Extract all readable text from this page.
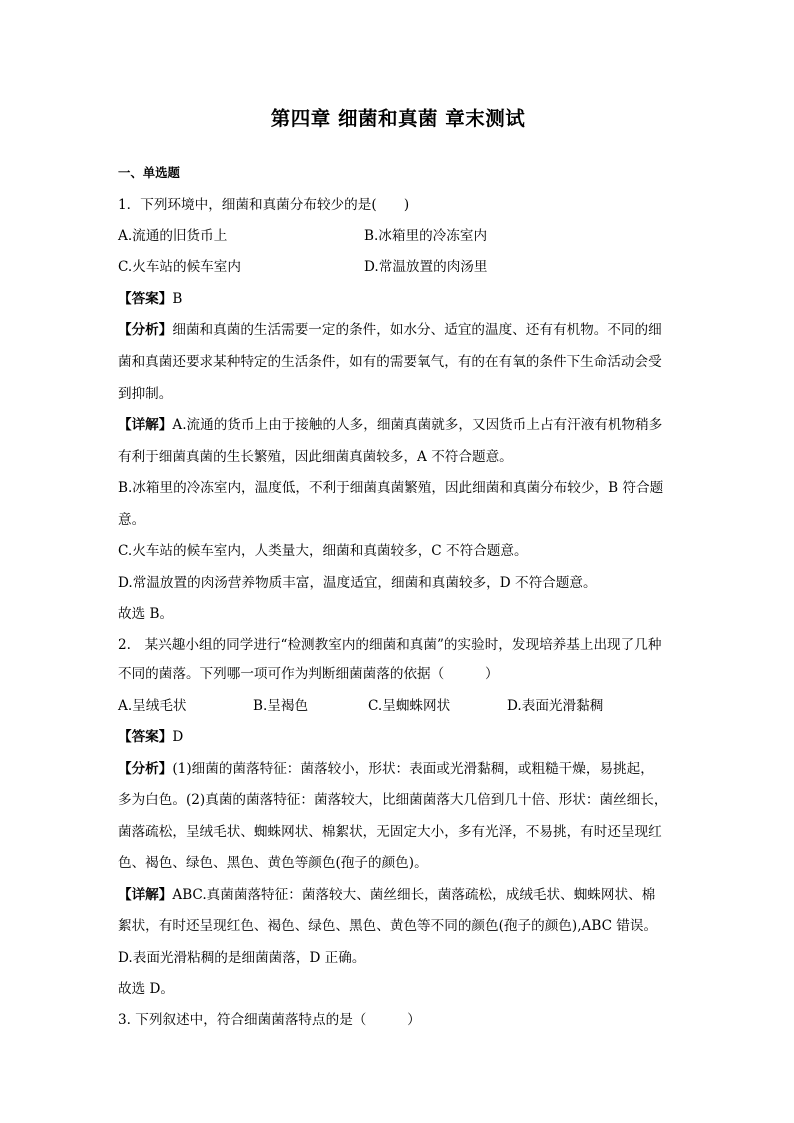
第四章 细菌和真菌 章末测试
一、单选题
1．下列环境中，细菌和真菌分布较少的是(　　)
A.流通的旧货币上	B.冰箱里的冷冻室内
C.火车站的候车室内	D.常温放置的肉汤里
【答案】B
【分析】细菌和真菌的生活需要一定的条件，如水分、适宜的温度、还有有机物。不同的细
菌和真菌还要求某种特定的生活条件，如有的需要氧气，有的在有氧的条件下生命活动会受
到抑制。
【详解】A.流通的货币上由于接触的人多，细菌真菌就多，又因货币上占有汗液有机物稍多
有利于细菌真菌的生长繁殖，因此细菌真菌较多，A 不符合题意。
B.冰箱里的冷冻室内，温度低，不利于细菌真菌繁殖，因此细菌和真菌分布较少，B 符合题
意。
C.火车站的候车室内，人类量大，细菌和真菌较多，C 不符合题意。
D.常温放置的肉汤营养物质丰富，温度适宜，细菌和真菌较多，D 不符合题意。
故选 B。
2.　某兴趣小组的同学进行“检测教室内的细菌和真菌”的实验时，发现培养基上出现了几种
不同的菌落。下列哪一项可作为判断细菌菌落的依据（　　　）
A.呈绒毛状	B.呈褐色	C.呈蜘蛛网状	D.表面光滑黏稠
【答案】D
【分析】(1)细菌的菌落特征：菌落较小，形状：表面或光滑黏稠，或粗糙干燥，易挑起，
多为白色。(2)真菌的菌落特征：菌落较大，比细菌菌落大几倍到几十倍、形状：菌丝细长，
菌落疏松，呈绒毛状、蜘蛛网状、棉絮状，无固定大小，多有光泽，不易挑，有时还呈现红
色、褐色、绿色、黑色、黄色等颜色(孢子的颜色)。
【详解】ABC.真菌菌落特征：菌落较大、菌丝细长，菌落疏松，成绒毛状、蜘蛛网状、棉
絮状，有时还呈现红色、褐色、绿色、黑色、黄色等不同的颜色(孢子的颜色),ABC 错误。
D.表面光滑粘稠的是细菌菌落，D 正确。
故选 D。
3. 下列叙述中，符合细菌菌落特点的是（　　　）
